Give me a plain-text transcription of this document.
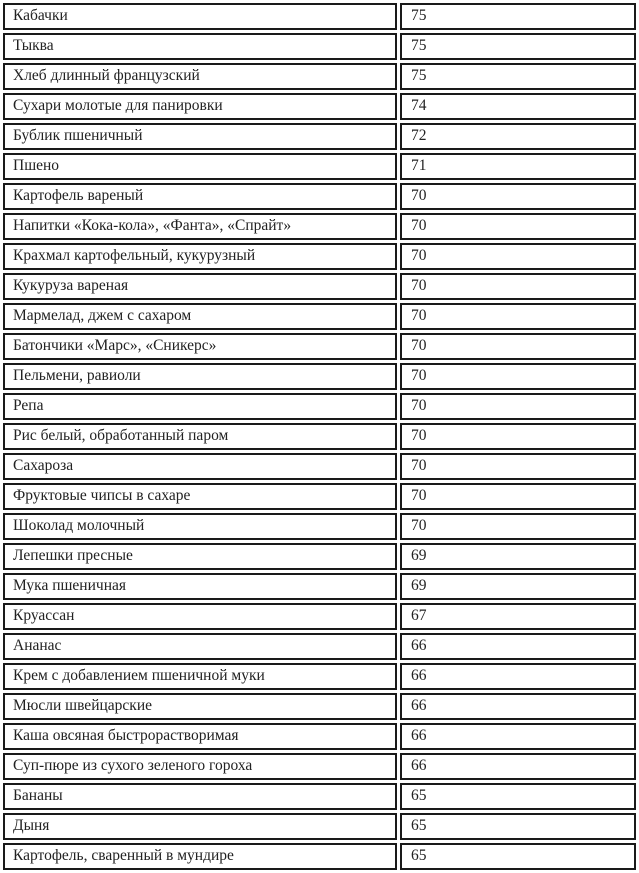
Кабачки	75
Тыква	75
Хлеб длинный французский	75
Сухари молотые для панировки	74
Бублик пшеничный	72
Пшено	71
Картофель вареный	70
Напитки «Кока-кола», «Фанта», «Спрайт»	70
Крахмал картофельный, кукурузный	70
Кукуруза вареная	70
Мармелад, джем с сахаром	70
Батончики «Марс», «Сникерс»	70
Пельмени, равиоли	70
Репа	70
Рис белый, обработанный паром	70
Сахароза	70
Фруктовые чипсы в сахаре	70
Шоколад молочный	70
Лепешки пресные	69
Мука пшеничная	69
Круассан	67
Ананас	66
Крем с добавлением пшеничной муки	66
Мюсли швейцарские	66
Каша овсяная быстрорастворимая	66
Суп-пюре из сухого зеленого гороха	66
Бананы	65
Дыня	65
Картофель, сваренный в мундире	65
